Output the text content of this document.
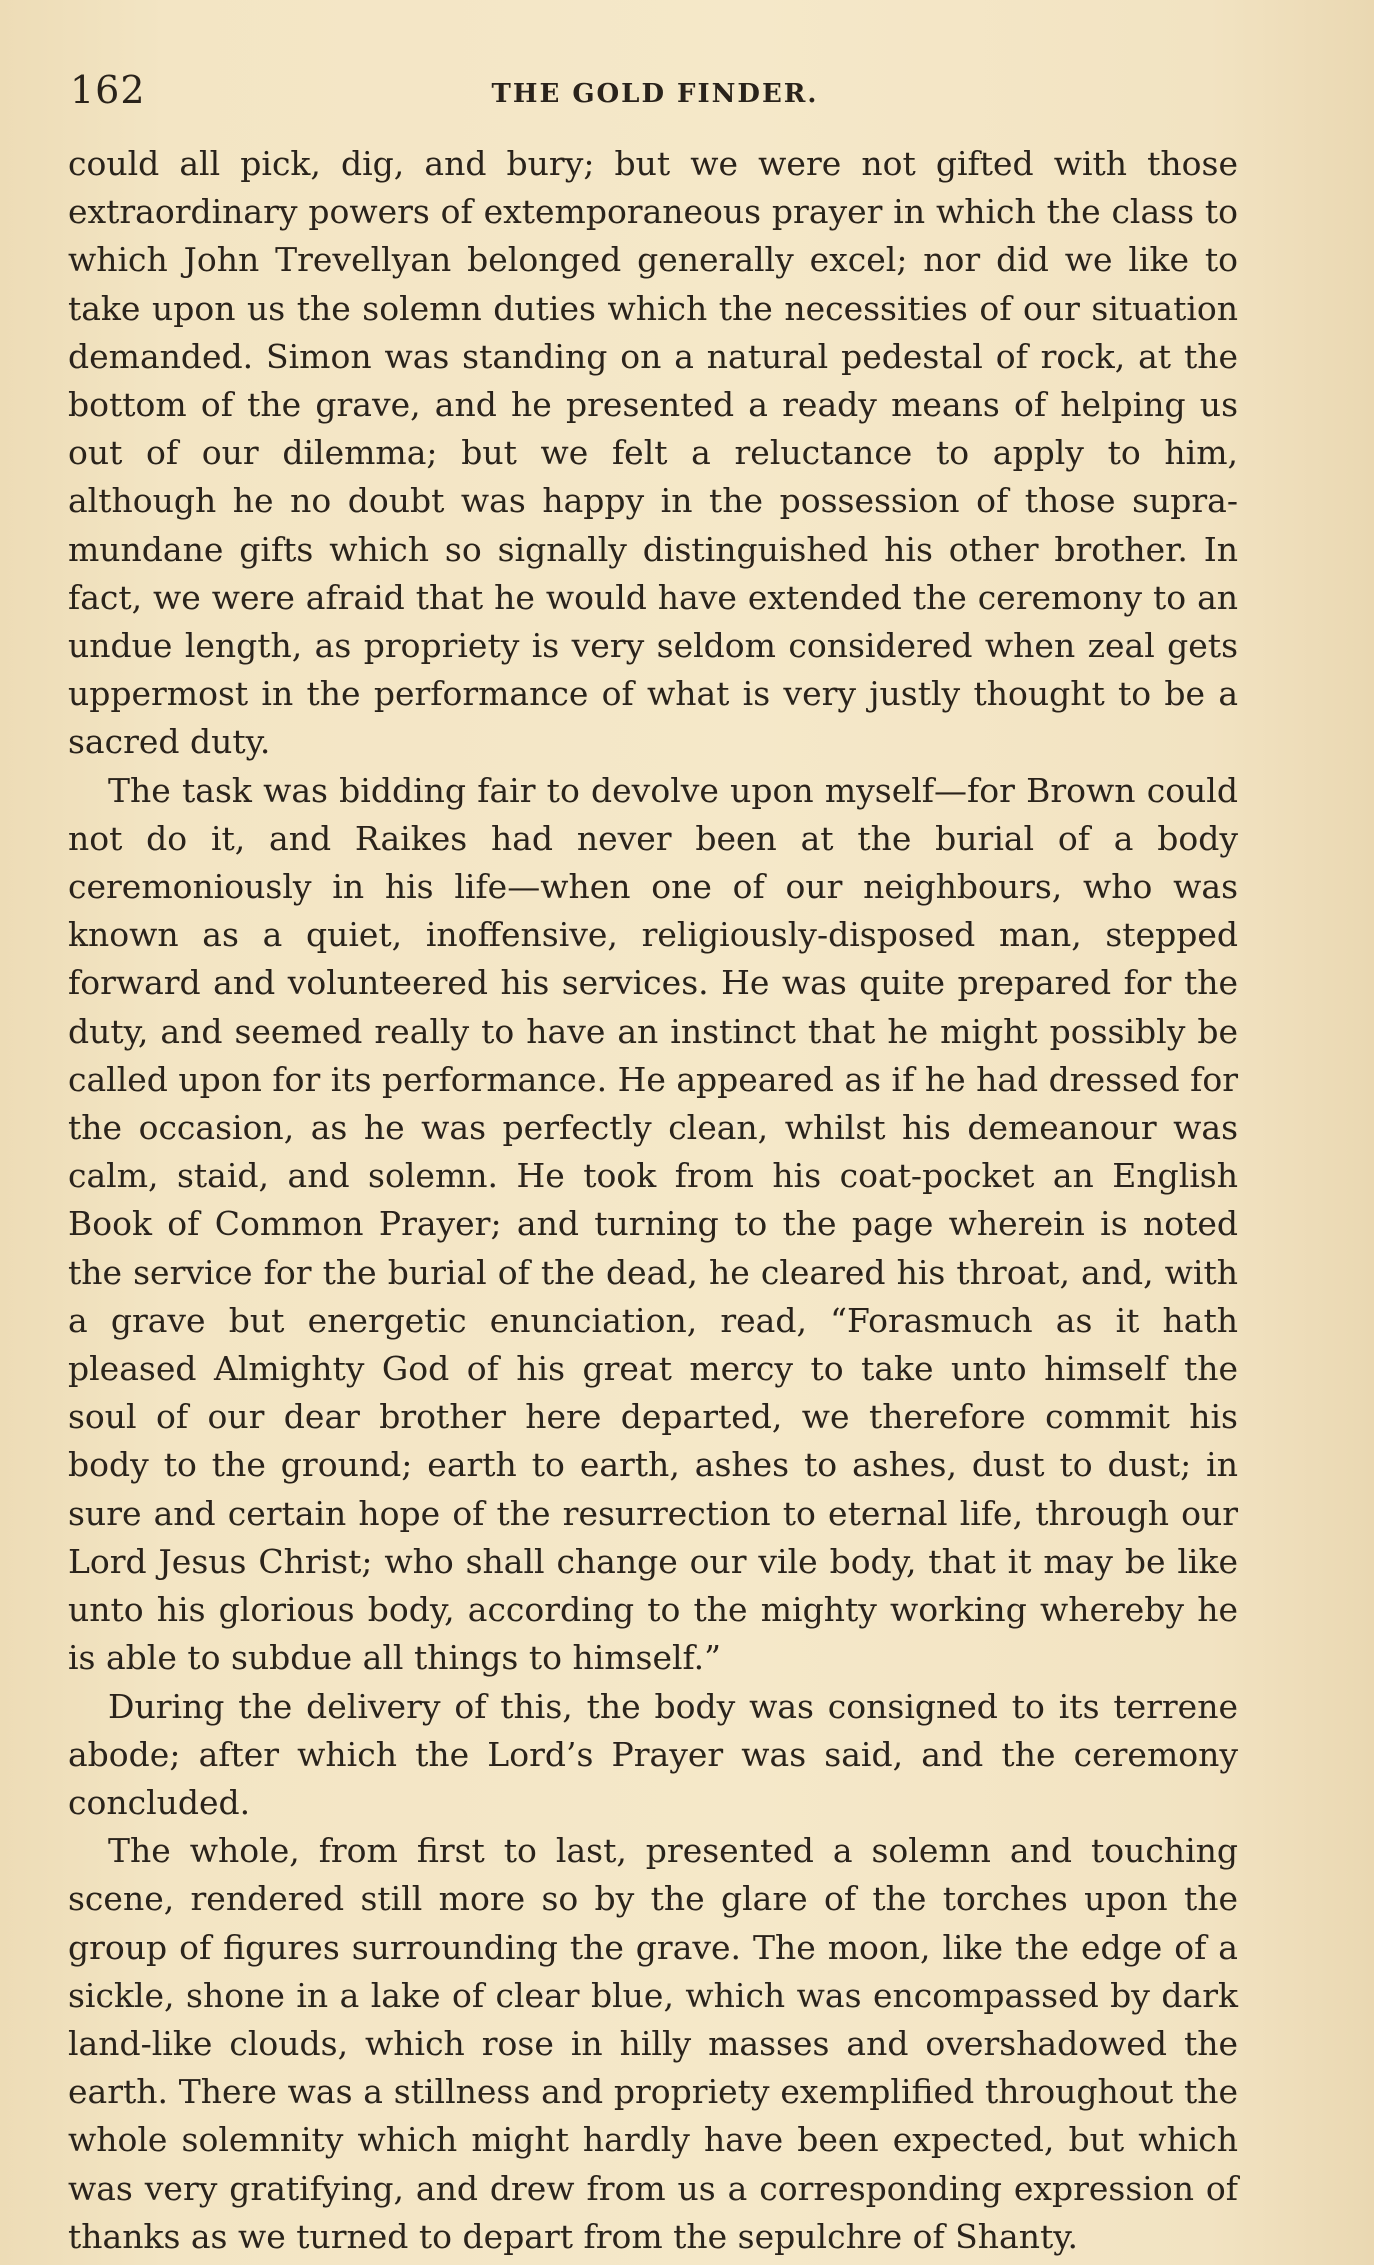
162	THE GOLD FINDER.

could all pick, dig, and bury; but we were not gifted with those extraordinary powers of extemporaneous prayer in which the class to which John Trevellyan belonged generally excel; nor did we like to take upon us the solemn duties which the necessities of our situation demanded. Simon was standing on a natural pedestal of rock, at the bottom of the grave, and he presented a ready means of helping us out of our dilemma; but we felt a reluctance to apply to him, although he no doubt was happy in the possession of those supra-mundane gifts which so signally distinguished his other brother. In fact, we were afraid that he would have extended the ceremony to an undue length, as propriety is very seldom considered when zeal gets uppermost in the performance of what is very justly thought to be a sacred duty.

The task was bidding fair to devolve upon myself—for Brown could not do it, and Raikes had never been at the burial of a body ceremoniously in his life—when one of our neighbours, who was known as a quiet, inoffensive, religiously-disposed man, stepped forward and volunteered his services. He was quite prepared for the duty, and seemed really to have an instinct that he might possibly be called upon for its performance. He appeared as if he had dressed for the occasion, as he was perfectly clean, whilst his demeanour was calm, staid, and solemn. He took from his coat-pocket an English Book of Common Prayer; and turning to the page wherein is noted the service for the burial of the dead, he cleared his throat, and, with a grave but energetic enunciation, read, “Forasmuch as it hath pleased Almighty God of his great mercy to take unto himself the soul of our dear brother here departed, we therefore commit his body to the ground; earth to earth, ashes to ashes, dust to dust; in sure and certain hope of the resurrection to eternal life, through our Lord Jesus Christ; who shall change our vile body, that it may be like unto his glorious body, according to the mighty working whereby he is able to subdue all things to himself.”

During the delivery of this, the body was consigned to its terrene abode; after which the Lord’s Prayer was said, and the ceremony concluded.

The whole, from first to last, presented a solemn and touching scene, rendered still more so by the glare of the torches upon the group of figures surrounding the grave. The moon, like the edge of a sickle, shone in a lake of clear blue, which was encompassed by dark land-like clouds, which rose in hilly masses and overshadowed the earth. There was a stillness and propriety exemplified throughout the whole solemnity which might hardly have been expected, but which was very gratifying, and drew from us a corresponding expression of thanks as we turned to depart from the sepulchre of Shanty.
